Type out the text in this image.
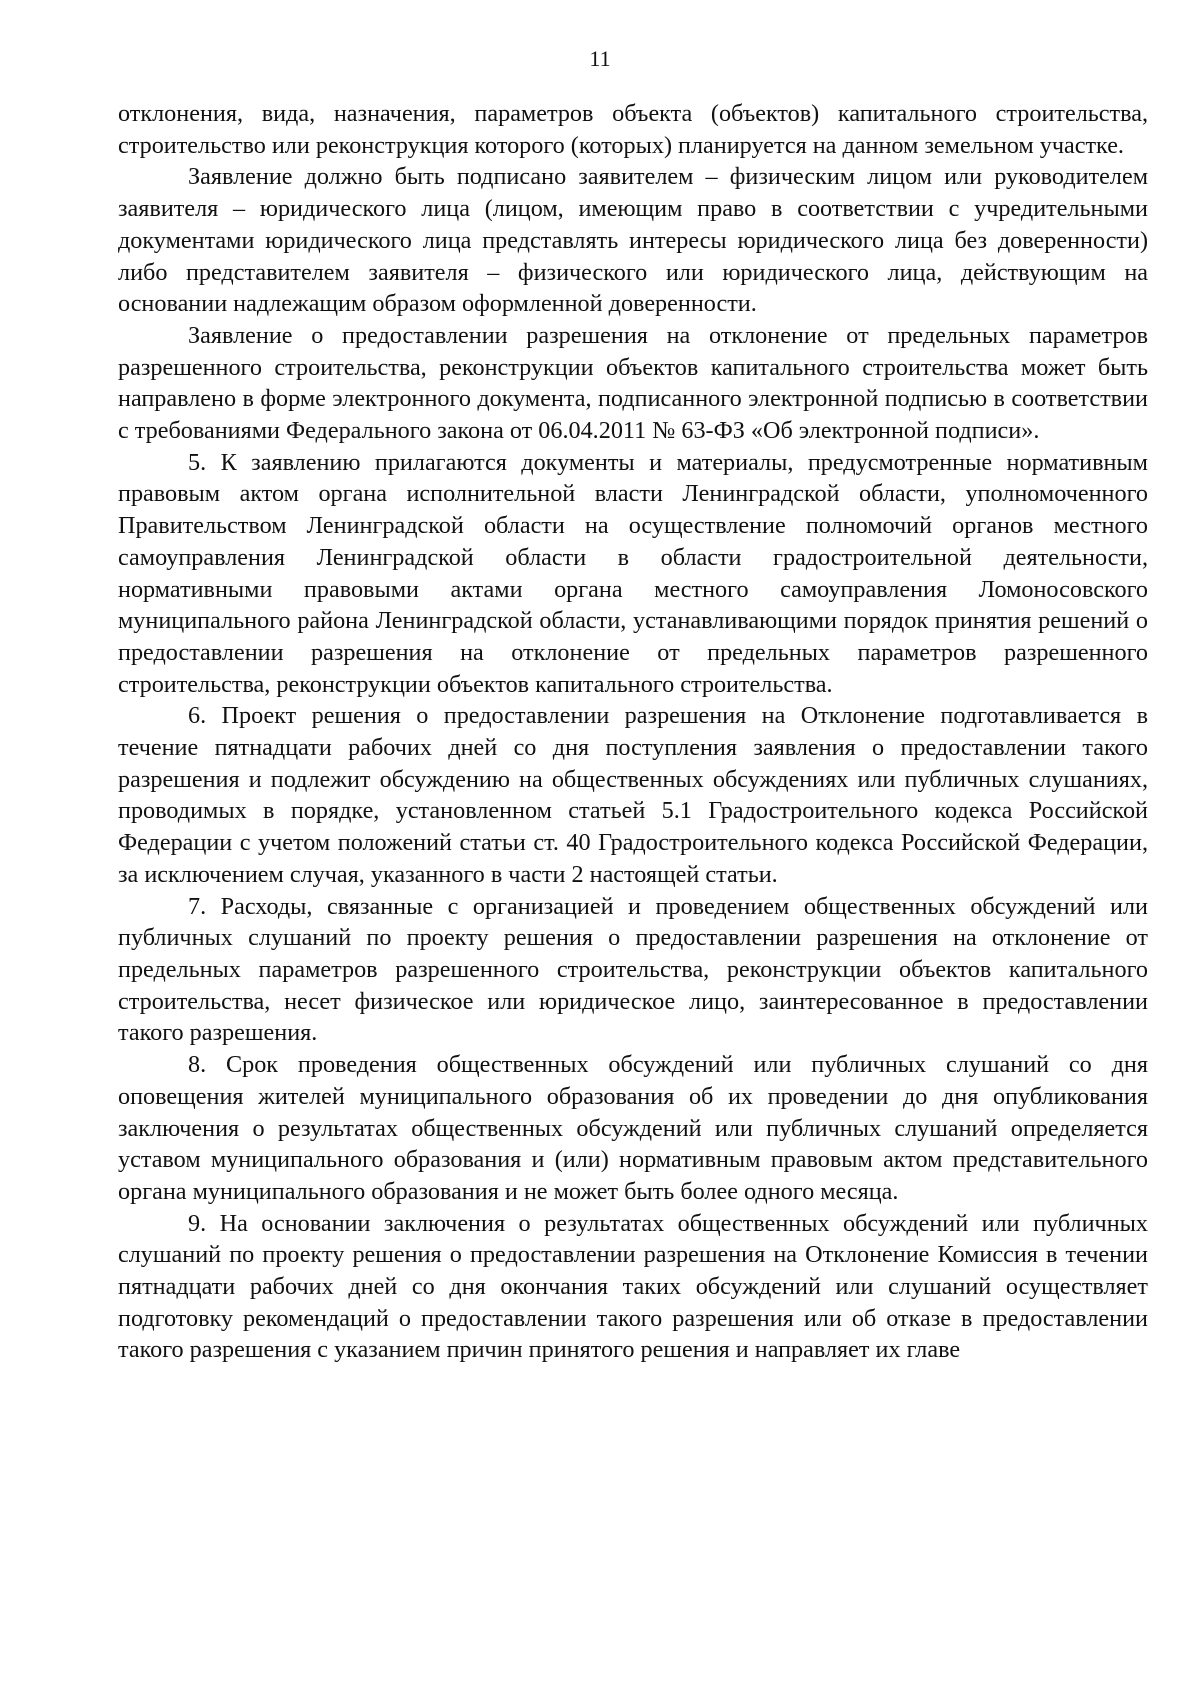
11

отклонения, вида, назначения, параметров объекта (объектов) капитального строительства, строительство или реконструкция которого (которых) планируется на данном земельном участке.

Заявление должно быть подписано заявителем – физическим лицом или руководителем заявителя – юридического лица (лицом, имеющим право в соответствии с учредительными документами юридического лица представлять интересы юридического лица без доверенности) либо представителем заявителя – физического или юридического лица, действующим на основании надлежащим образом оформленной доверенности.

Заявление о предоставлении разрешения на отклонение от предельных параметров разрешенного строительства, реконструкции объектов капитального строительства может быть направлено в форме электронного документа, подписанного электронной подписью в соответствии с требованиями Федерального закона от 06.04.2011 № 63-ФЗ «Об электронной подписи».

5. К заявлению прилагаются документы и материалы, предусмотренные нормативным правовым актом органа исполнительной власти Ленинградской области, уполномоченного Правительством Ленинградской области на осуществление полномочий органов местного самоуправления Ленинградской области в области градостроительной деятельности, нормативными правовыми актами органа местного самоуправления Ломоносовского муниципального района Ленинградской области, устанавливающими порядок принятия решений о предоставлении разрешения на отклонение от предельных параметров разрешенного строительства, реконструкции объектов капитального строительства.

6. Проект решения о предоставлении разрешения на Отклонение подготавливается в течение пятнадцати рабочих дней со дня поступления заявления о предоставлении такого разрешения и подлежит обсуждению на общественных обсуждениях или публичных слушаниях, проводимых в порядке, установленном статьей 5.1 Градостроительного кодекса Российской Федерации с учетом положений статьи ст. 40 Градостроительного кодекса Российской Федерации, за исключением случая, указанного в части 2 настоящей статьи.

7. Расходы, связанные с организацией и проведением общественных обсуждений или публичных слушаний по проекту решения о предоставлении разрешения на отклонение от предельных параметров разрешенного строительства, реконструкции объектов капитального строительства, несет физическое или юридическое лицо, заинтересованное в предоставлении такого разрешения.

8. Срок проведения общественных обсуждений или публичных слушаний со дня оповещения жителей муниципального образования об их проведении до дня опубликования заключения о результатах общественных обсуждений или публичных слушаний определяется уставом муниципального образования и (или) нормативным правовым актом представительного органа муниципального образования и не может быть более одного месяца.

9. На основании заключения о результатах общественных обсуждений или публичных слушаний по проекту решения о предоставлении разрешения на Отклонение Комиссия в течении пятнадцати рабочих дней со дня окончания таких обсуждений или слушаний осуществляет подготовку рекомендаций о предоставлении такого разрешения или об отказе в предоставлении такого разрешения с указанием причин принятого решения и направляет их главе
